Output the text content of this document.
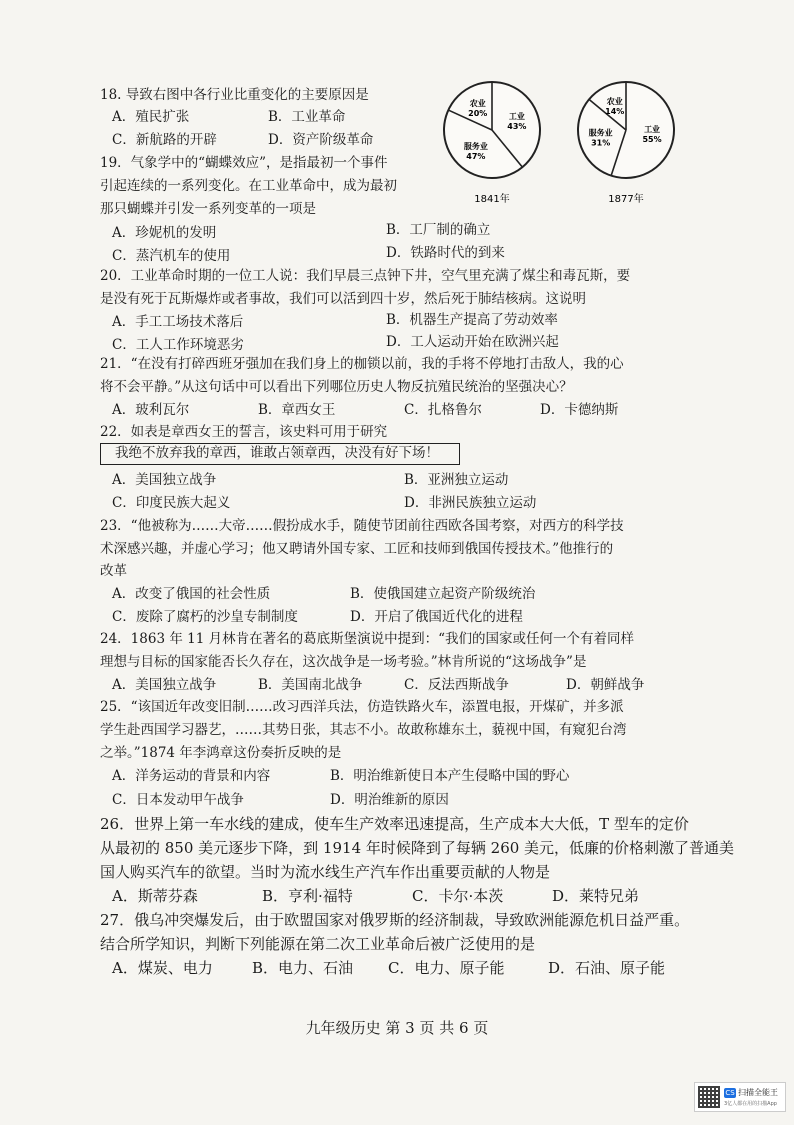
18. 导致右图中各行业比重变化的主要原因是
A．殖民扩张	B．工业革命
C．新航路的开辟	D．资产阶级革命
工业
43%
服务业
47%
农业
20%
工业
55%
服务业
31%
农业
14%
1841年	1877年
19．气象学中的“蝴蝶效应”，是指最初一个事件
引起连续的一系列变化。在工业革命中，成为最初
那只蝴蝶并引发一系列变革的一项是
A．珍妮机的发明	B．工厂制的确立
C．蒸汽机车的使用	D．铁路时代的到来
20．工业革命时期的一位工人说：我们早晨三点钟下井，空气里充满了煤尘和毒瓦斯，要
是没有死于瓦斯爆炸或者事故，我们可以活到四十岁，然后死于肺结核病。这说明
A．手工工场技术落后	B．机器生产提高了劳动效率
C．工人工作环境恶劣	D．工人运动开始在欧洲兴起
21．“在没有打碎西班牙强加在我们身上的枷锁以前，我的手将不停地打击敌人，我的心
将不会平静。”从这句话中可以看出下列哪位历史人物反抗殖民统治的坚强决心？
A．玻利瓦尔	B．章西女王	C．扎格鲁尔	D．卡德纳斯
22．如表是章西女王的誓言，该史料可用于研究
我绝不放弃我的章西，谁敢占领章西，决没有好下场！
A．美国独立战争	B．亚洲独立运动
C．印度民族大起义	D．非洲民族独立运动
23．“他被称为……大帝……假扮成水手，随使节团前往西欧各国考察，对西方的科学技
术深感兴趣，并虚心学习；他又聘请外国专家、工匠和技师到俄国传授技术。”他推行的
改革
A．改变了俄国的社会性质	B．使俄国建立起资产阶级统治
C．废除了腐朽的沙皇专制制度	D．开启了俄国近代化的进程
24．1863 年 11 月林肯在著名的葛底斯堡演说中提到：“我们的国家或任何一个有着同样
理想与目标的国家能否长久存在，这次战争是一场考验。”林肯所说的“这场战争”是
A．美国独立战争	B．美国南北战争	C．反法西斯战争	D．朝鲜战争
25．“该国近年改变旧制……改习西洋兵法，仿造铁路火车，添置电报，开煤矿，并多派
学生赴西国学习器艺，……其势日张，其志不小。故敢称雄东土，藐视中国，有窥犯台湾
之举。”1874 年李鸿章这份奏折反映的是
A．洋务运动的背景和内容	B．明治维新使日本产生侵略中国的野心
C．日本发动甲午战争	D．明治维新的原因
26．世界上第一车水线的建成，使车生产效率迅速提高，生产成本大大低，T 型车的定价
从最初的 850 美元逐步下降，到 1914 年时候降到了每辆 260 美元，低廉的价格刺激了普通美
国人购买汽车的欲望。当时为流水线生产汽车作出重要贡献的人物是
A．斯蒂芬森	B．亨利·福特	C．卡尔·本茨	D．莱特兄弟
27．俄乌冲突爆发后，由于欧盟国家对俄罗斯的经济制裁，导致欧洲能源危机日益严重。
结合所学知识，判断下列能源在第二次工业革命后被广泛使用的是
A．煤炭、电力	B．电力、石油 C．电力、原子能	D．石油、原子能
九年级历史 第 3 页 共 6 页
CS 扫描全能王
3亿人都在用的扫描App
